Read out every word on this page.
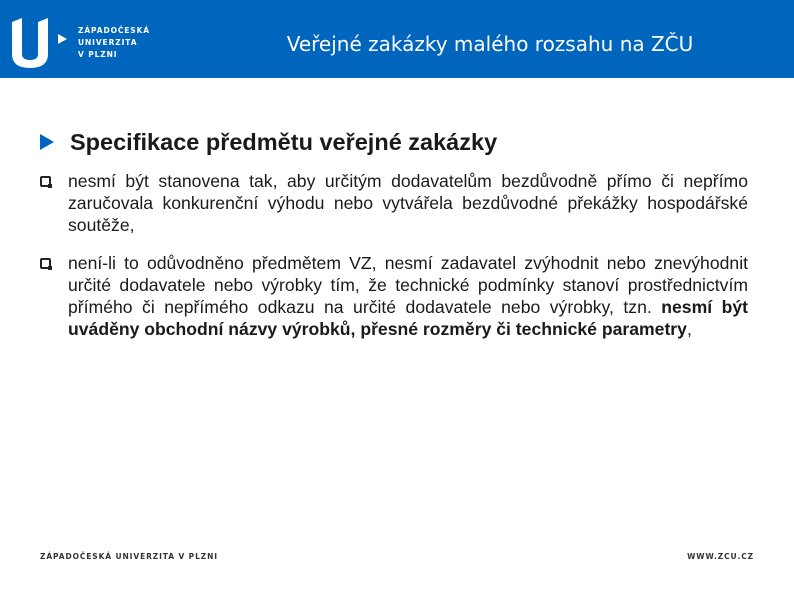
ZÁPADOČESKÁ
UNIVERZITA
V PLZNI	Veřejné zakázky malého rozsahu na ZČU
Specifikace předmětu veřejné zakázky
nesmí být stanovena tak, aby určitým dodavatelům bezdůvodně přímo či nepřímo zaručovala konkurenční výhodu nebo vytvářela bezdůvodné překážky hospodářské soutěže,
není-li to odůvodněno předmětem VZ, nesmí zadavatel zvýhodnit nebo znevýhodnit určité dodavatele nebo výrobky tím, že technické podmínky stanoví prostřednictvím přímého či nepřímého odkazu na určité dodavatele nebo výrobky, tzn. nesmí být uváděny obchodní názvy výrobků, přesné rozměry či technické parametry,
ZÁPADOČESKÁ UNIVERZITA V PLZNI	WWW.ZCU.CZ
